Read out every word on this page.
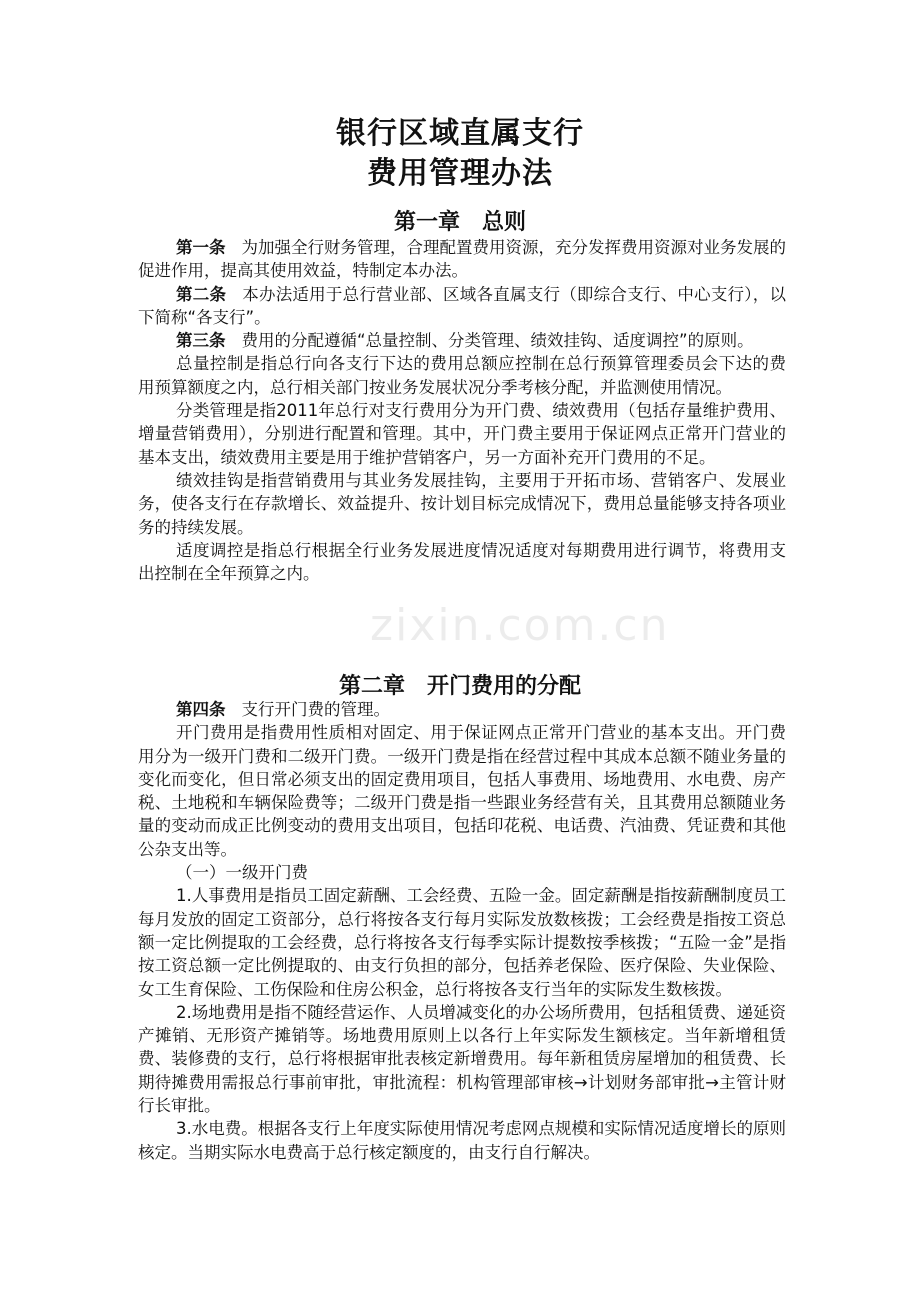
银行区域直属支行
费用管理办法
第一章　总则

第一条 为加强全行财务管理，合理配置费用资源，充分发挥费用资源对业务发展的促进作用，提高其使用效益，特制定本办法。

第二条 本办法适用于总行营业部、区域各直属支行（即综合支行、中心支行），以下简称“各支行”。

第三条 费用的分配遵循“总量控制、分类管理、绩效挂钩、适度调控”的原则。

总量控制是指总行向各支行下达的费用总额应控制在总行预算管理委员会下达的费用预算额度之内，总行相关部门按业务发展状况分季考核分配，并监测使用情况。

分类管理是指2011年总行对支行费用分为开门费、绩效费用（包括存量维护费用、增量营销费用），分别进行配置和管理。其中，开门费主要用于保证网点正常开门营业的基本支出，绩效费用主要是用于维护营销客户，另一方面补充开门费用的不足。

绩效挂钩是指营销费用与其业务发展挂钩，主要用于开拓市场、营销客户、发展业务，使各支行在存款增长、效益提升、按计划目标完成情况下，费用总量能够支持各项业务的持续发展。

适度调控是指总行根据全行业务发展进度情况适度对每期费用进行调节，将费用支出控制在全年预算之内。

第二章　开门费用的分配

第四条 支行开门费的管理。

开门费用是指费用性质相对固定、用于保证网点正常开门营业的基本支出。开门费用分为一级开门费和二级开门费。一级开门费是指在经营过程中其成本总额不随业务量的变化而变化，但日常必须支出的固定费用项目，包括人事费用、场地费用、水电费、房产税、土地税和车辆保险费等；二级开门费是指一些跟业务经营有关，且其费用总额随业务量的变动而成正比例变动的费用支出项目，包括印花税、电话费、汽油费、凭证费和其他公杂支出等。

（一）一级开门费

1.人事费用是指员工固定薪酬、工会经费、五险一金。固定薪酬是指按薪酬制度员工每月发放的固定工资部分，总行将按各支行每月实际发放数核拨；工会经费是指按工资总额一定比例提取的工会经费，总行将按各支行每季实际计提数按季核拨；“五险一金”是指按工资总额一定比例提取的、由支行负担的部分，包括养老保险、医疗保险、失业保险、女工生育保险、工伤保险和住房公积金，总行将按各支行当年的实际发生数核拨。

2.场地费用是指不随经营运作、人员增减变化的办公场所费用，包括租赁费、递延资产摊销、无形资产摊销等。场地费用原则上以各行上年实际发生额核定。当年新增租赁费、装修费的支行，总行将根据审批表核定新增费用。每年新租赁房屋增加的租赁费、长期待摊费用需报总行事前审批，审批流程：机构管理部审核→计划财务部审批→主管计财行长审批。

3.水电费。根据各支行上年度实际使用情况考虑网点规模和实际情况适度增长的原则核定。当期实际水电费高于总行核定额度的，由支行自行解决。

zixin.com.cn
